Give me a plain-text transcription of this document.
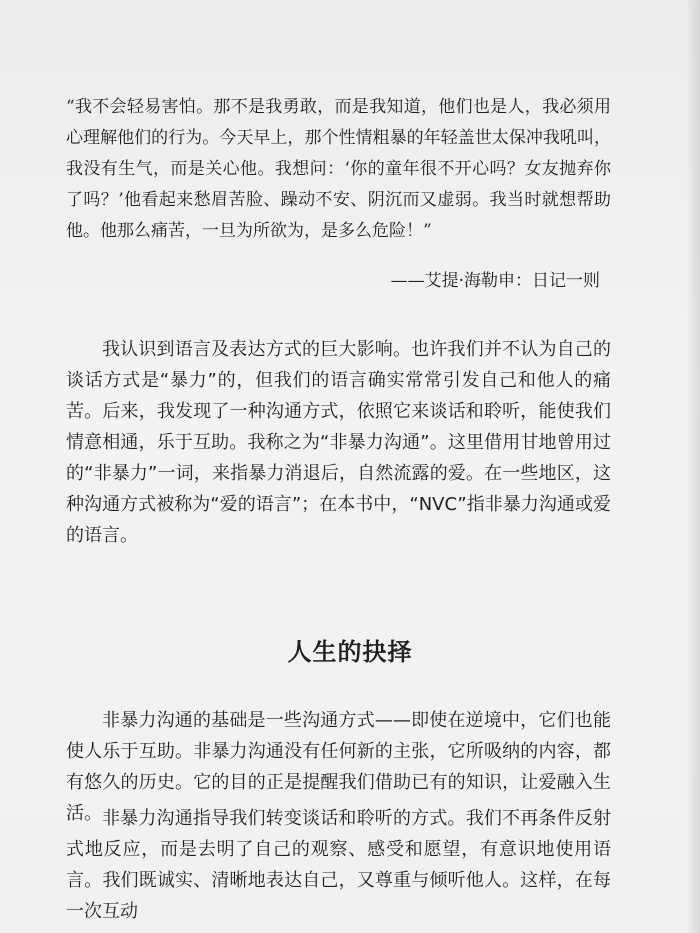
“我不会轻易害怕。那不是我勇敢，而是我知道，他们也是人，我必须用心理解他们的行为。今天早上，那个性情粗暴的年轻盖世太保冲我吼叫，我没有生气，而是关心他。我想问：‘你的童年很不开心吗？女友抛弃你了吗？’他看起来愁眉苦脸、躁动不安、阴沉而又虚弱。我当时就想帮助他。他那么痛苦，一旦为所欲为，是多么危险！”

——艾提·海勒申：日记一则

我认识到语言及表达方式的巨大影响。也许我们并不认为自己的谈话方式是“暴力”的，但我们的语言确实常常引发自己和他人的痛苦。后来，我发现了一种沟通方式，依照它来谈话和聆听，能使我们情意相通，乐于互助。我称之为“非暴力沟通”。这里借用甘地曾用过的“非暴力”一词，来指暴力消退后，自然流露的爱。在一些地区，这种沟通方式被称为“爱的语言”；在本书中，“NVC”指非暴力沟通或爱的语言。

人生的抉择

非暴力沟通的基础是一些沟通方式——即使在逆境中，它们也能使人乐于互助。非暴力沟通没有任何新的主张，它所吸纳的内容，都有悠久的历史。它的目的正是提醒我们借助已有的知识，让爱融入生活。 非暴力沟通指导我们转变谈话和聆听的方式。我们不再条件反射式地反应，而是去明了自己的观察、感受和愿望，有意识地使用语言。我们既诚实、清晰地表达自己，又尊重与倾听他人。这样，在每一次互动
